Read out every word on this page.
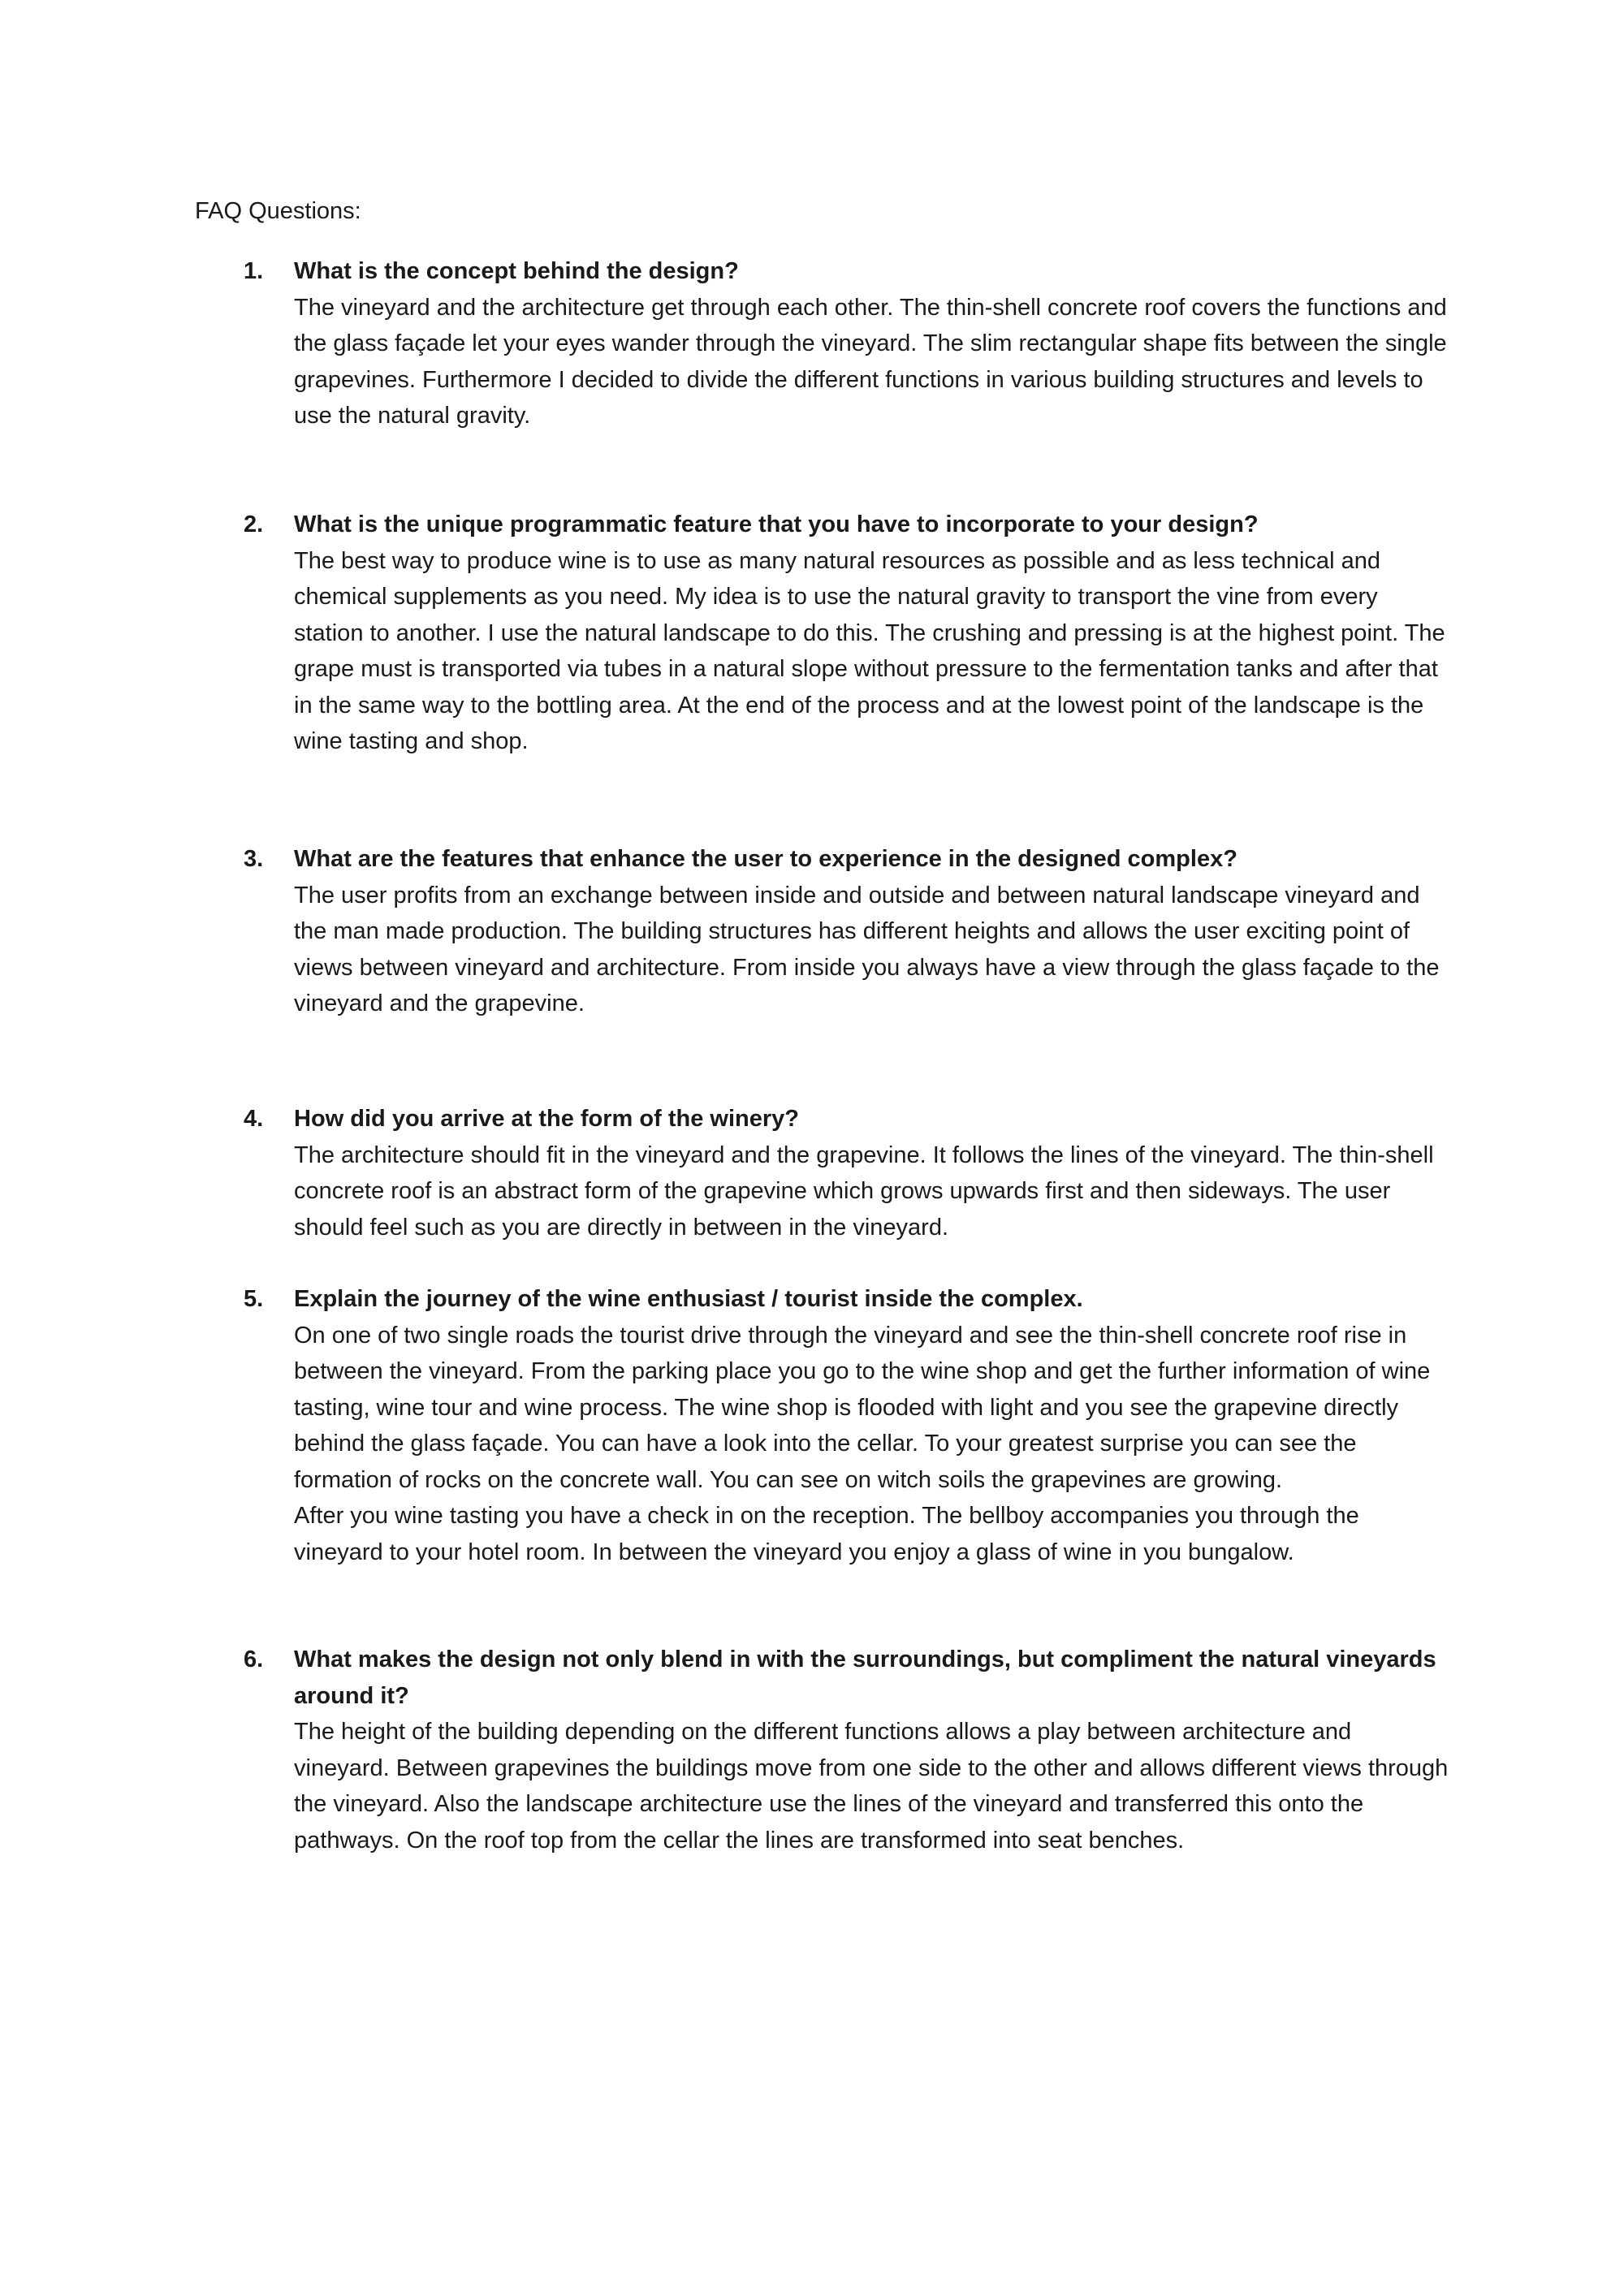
FAQ Questions:
1. What is the concept behind the design?

The vineyard and the architecture get through each other. The thin-shell concrete roof covers the functions and the glass façade let your eyes wander through the vineyard. The slim rectangular shape fits between the single grapevines. Furthermore I decided to divide the different functions in various building structures and levels to use the natural gravity.

2. What is the unique programmatic feature that you have to incorporate to your design?

The best way to produce wine is to use as many natural resources as possible and as less technical and chemical supplements as you need. My idea is to use the natural gravity to transport the vine from every station to another. I use the natural landscape to do this. The crushing and pressing is at the highest point. The grape must is transported via tubes in a natural slope without pressure to the fermentation tanks and after that in the same way to the bottling area. At the end of the process and at the lowest point of the landscape is the wine tasting and shop.

3. What are the features that enhance the user to experience in the designed complex?

The user profits from an exchange between inside and outside and between natural landscape vineyard and the man made production. The building structures has different heights and allows the user exciting point of views between vineyard and architecture. From inside you always have a view through the glass façade to the vineyard and the grapevine.

4. How did you arrive at the form of the winery?

The architecture should fit in the vineyard and the grapevine. It follows the lines of the vineyard. The thin-shell concrete roof is an abstract form of the grapevine which grows upwards first and then sideways. The user should feel such as you are directly in between in the vineyard.

5. Explain the journey of the wine enthusiast / tourist inside the complex.

On one of two single roads the tourist drive through the vineyard and see the thin-shell concrete roof rise in between the vineyard. From the parking place you go to the wine shop and get the further information of wine tasting, wine tour and wine process. The wine shop is flooded with light and you see the grapevine directly behind the glass façade. You can have a look into the cellar. To your greatest surprise you can see the formation of rocks on the concrete wall. You can see on witch soils the grapevines are growing.

After you wine tasting you have a check in on the reception. The bellboy accompanies you through the vineyard to your hotel room. In between the vineyard you enjoy a glass of wine in you bungalow.

6. What makes the design not only blend in with the surroundings, but compliment the natural vineyards around it?

The height of the building depending on the different functions allows a play between architecture and vineyard. Between grapevines the buildings move from one side to the other and allows different views through the vineyard. Also the landscape architecture use the lines of the vineyard and transferred this onto the pathways. On the roof top from the cellar the lines are transformed into seat benches.
